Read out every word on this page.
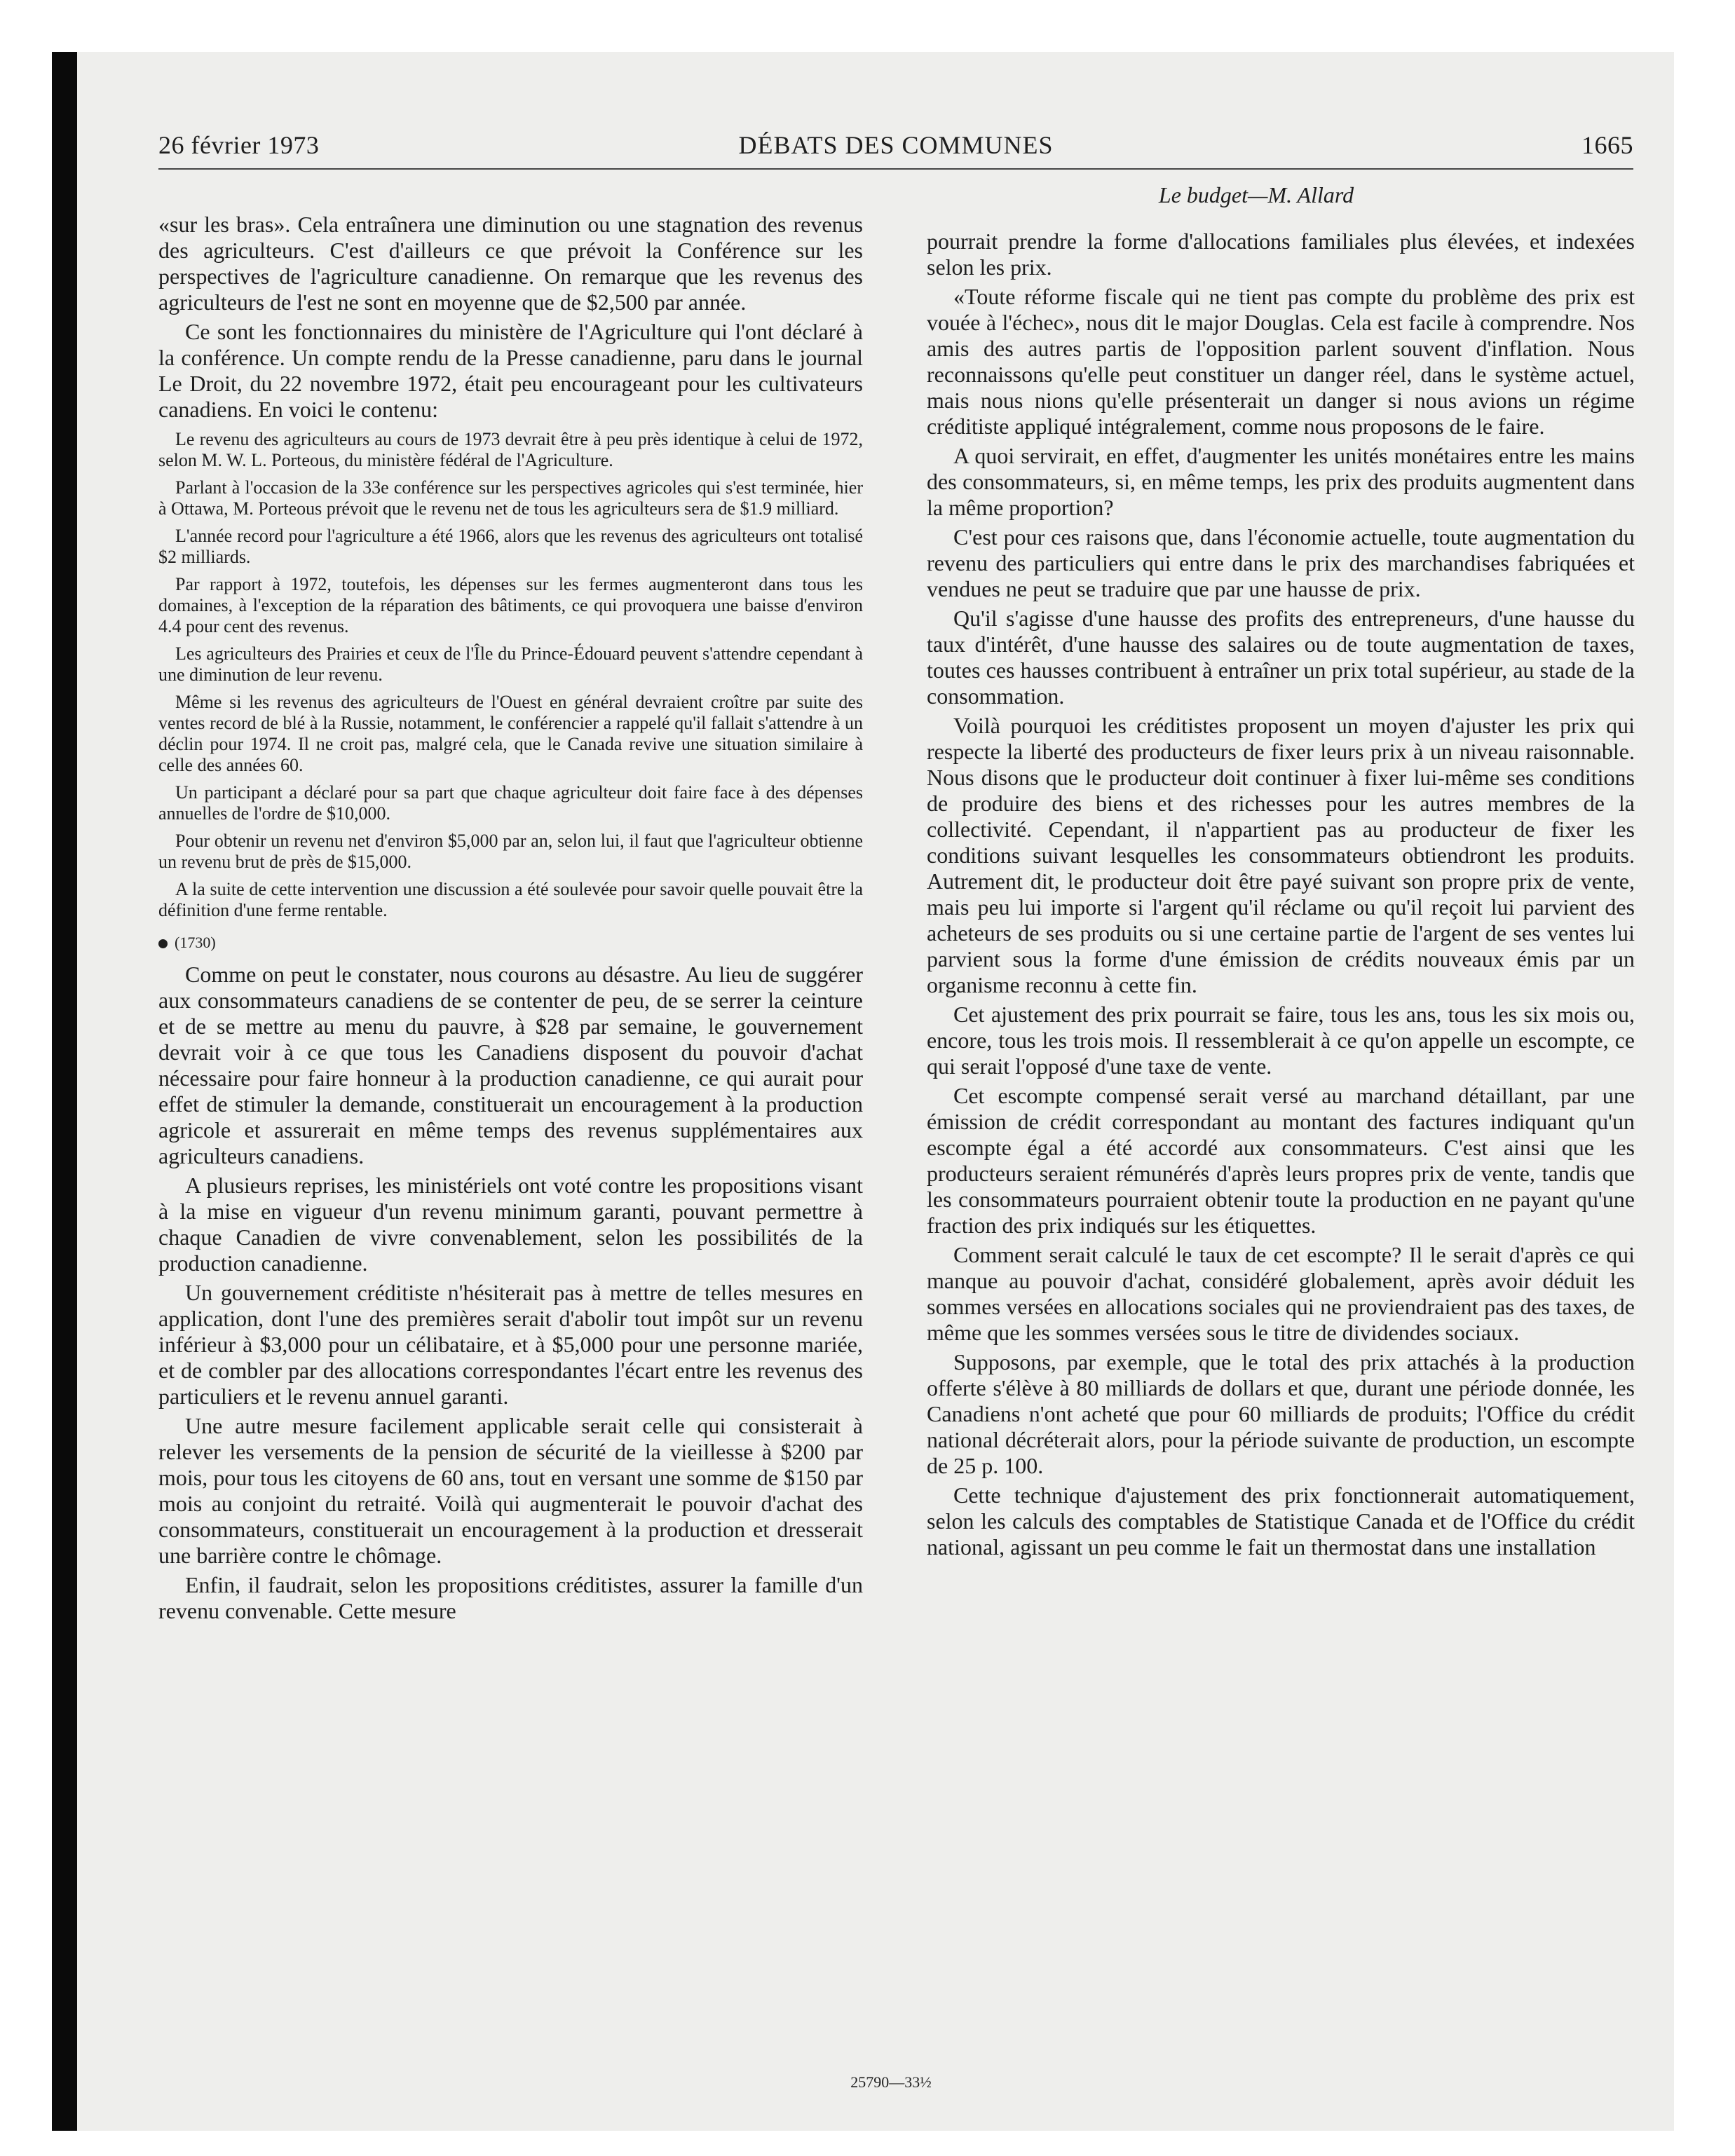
26 février 1973	DÉBATS DES COMMUNES	1665
Le budget—M. Allard

«sur les bras». Cela entraînera une diminution ou une stagnation des revenus des agriculteurs. C'est d'ailleurs ce que prévoit la Conférence sur les perspectives de l'agriculture canadienne. On remarque que les revenus des agriculteurs de l'est ne sont en moyenne que de $2,500 par année.

Ce sont les fonctionnaires du ministère de l'Agriculture qui l'ont déclaré à la conférence. Un compte rendu de la Presse canadienne, paru dans le journal Le Droit, du 22 novembre 1972, était peu encourageant pour les cultivateurs canadiens. En voici le contenu:

Le revenu des agriculteurs au cours de 1973 devrait être à peu près identique à celui de 1972, selon M. W. L. Porteous, du ministère fédéral de l'Agriculture.

Parlant à l'occasion de la 33e conférence sur les perspectives agricoles qui s'est terminée, hier à Ottawa, M. Porteous prévoit que le revenu net de tous les agriculteurs sera de $1.9 milliard.

L'année record pour l'agriculture a été 1966, alors que les revenus des agriculteurs ont totalisé $2 milliards.

Par rapport à 1972, toutefois, les dépenses sur les fermes augmenteront dans tous les domaines, à l'exception de la réparation des bâtiments, ce qui provoquera une baisse d'environ 4.4 pour cent des revenus.

Les agriculteurs des Prairies et ceux de l'Île du Prince-Édouard peuvent s'attendre cependant à une diminution de leur revenu.

Même si les revenus des agriculteurs de l'Ouest en général devraient croître par suite des ventes record de blé à la Russie, notamment, le conférencier a rappelé qu'il fallait s'attendre à un déclin pour 1974. Il ne croit pas, malgré cela, que le Canada revive une situation similaire à celle des années 60.

Un participant a déclaré pour sa part que chaque agriculteur doit faire face à des dépenses annuelles de l'ordre de $10,000.

Pour obtenir un revenu net d'environ $5,000 par an, selon lui, il faut que l'agriculteur obtienne un revenu brut de près de $15,000.

A la suite de cette intervention une discussion a été soulevée pour savoir quelle pouvait être la définition d'une ferme rentable.

(1730)

Comme on peut le constater, nous courons au désastre. Au lieu de suggérer aux consommateurs canadiens de se contenter de peu, de se serrer la ceinture et de se mettre au menu du pauvre, à $28 par semaine, le gouvernement devrait voir à ce que tous les Canadiens disposent du pouvoir d'achat nécessaire pour faire honneur à la production canadienne, ce qui aurait pour effet de stimuler la demande, constituerait un encouragement à la production agricole et assurerait en même temps des revenus supplémentaires aux agriculteurs canadiens.

A plusieurs reprises, les ministériels ont voté contre les propositions visant à la mise en vigueur d'un revenu minimum garanti, pouvant permettre à chaque Canadien de vivre convenablement, selon les possibilités de la production canadienne.

Un gouvernement créditiste n'hésiterait pas à mettre de telles mesures en application, dont l'une des premières serait d'abolir tout impôt sur un revenu inférieur à $3,000 pour un célibataire, et à $5,000 pour une personne mariée, et de combler par des allocations correspondantes l'écart entre les revenus des particuliers et le revenu annuel garanti.

Une autre mesure facilement applicable serait celle qui consisterait à relever les versements de la pension de sécurité de la vieillesse à $200 par mois, pour tous les citoyens de 60 ans, tout en versant une somme de $150 par mois au conjoint du retraité. Voilà qui augmenterait le pouvoir d'achat des consommateurs, constituerait un encouragement à la production et dresserait une barrière contre le chômage.

Enfin, il faudrait, selon les propositions créditistes, assurer la famille d'un revenu convenable. Cette mesure

pourrait prendre la forme d'allocations familiales plus élevées, et indexées selon les prix.

«Toute réforme fiscale qui ne tient pas compte du problème des prix est vouée à l'échec», nous dit le major Douglas. Cela est facile à comprendre. Nos amis des autres partis de l'opposition parlent souvent d'inflation. Nous reconnaissons qu'elle peut constituer un danger réel, dans le système actuel, mais nous nions qu'elle présenterait un danger si nous avions un régime créditiste appliqué intégralement, comme nous proposons de le faire.

A quoi servirait, en effet, d'augmenter les unités monétaires entre les mains des consommateurs, si, en même temps, les prix des produits augmentent dans la même proportion?

C'est pour ces raisons que, dans l'économie actuelle, toute augmentation du revenu des particuliers qui entre dans le prix des marchandises fabriquées et vendues ne peut se traduire que par une hausse de prix.

Qu'il s'agisse d'une hausse des profits des entrepreneurs, d'une hausse du taux d'intérêt, d'une hausse des salaires ou de toute augmentation de taxes, toutes ces hausses contribuent à entraîner un prix total supérieur, au stade de la consommation.

Voilà pourquoi les créditistes proposent un moyen d'ajuster les prix qui respecte la liberté des producteurs de fixer leurs prix à un niveau raisonnable. Nous disons que le producteur doit continuer à fixer lui-même ses conditions de produire des biens et des richesses pour les autres membres de la collectivité. Cependant, il n'appartient pas au producteur de fixer les conditions suivant lesquelles les consommateurs obtiendront les produits. Autrement dit, le producteur doit être payé suivant son propre prix de vente, mais peu lui importe si l'argent qu'il réclame ou qu'il reçoit lui parvient des acheteurs de ses produits ou si une certaine partie de l'argent de ses ventes lui parvient sous la forme d'une émission de crédits nouveaux émis par un organisme reconnu à cette fin.

Cet ajustement des prix pourrait se faire, tous les ans, tous les six mois ou, encore, tous les trois mois. Il ressemblerait à ce qu'on appelle un escompte, ce qui serait l'opposé d'une taxe de vente.

Cet escompte compensé serait versé au marchand détaillant, par une émission de crédit correspondant au montant des factures indiquant qu'un escompte égal a été accordé aux consommateurs. C'est ainsi que les producteurs seraient rémunérés d'après leurs propres prix de vente, tandis que les consommateurs pourraient obtenir toute la production en ne payant qu'une fraction des prix indiqués sur les étiquettes.

Comment serait calculé le taux de cet escompte? Il le serait d'après ce qui manque au pouvoir d'achat, considéré globalement, après avoir déduit les sommes versées en allocations sociales qui ne proviendraient pas des taxes, de même que les sommes versées sous le titre de dividendes sociaux.

Supposons, par exemple, que le total des prix attachés à la production offerte s'élève à 80 milliards de dollars et que, durant une période donnée, les Canadiens n'ont acheté que pour 60 milliards de produits; l'Office du crédit national décréterait alors, pour la période suivante de production, un escompte de 25 p. 100.

Cette technique d'ajustement des prix fonctionnerait automatiquement, selon les calculs des comptables de Statistique Canada et de l'Office du crédit national, agissant un peu comme le fait un thermostat dans une installation

25790—33½
